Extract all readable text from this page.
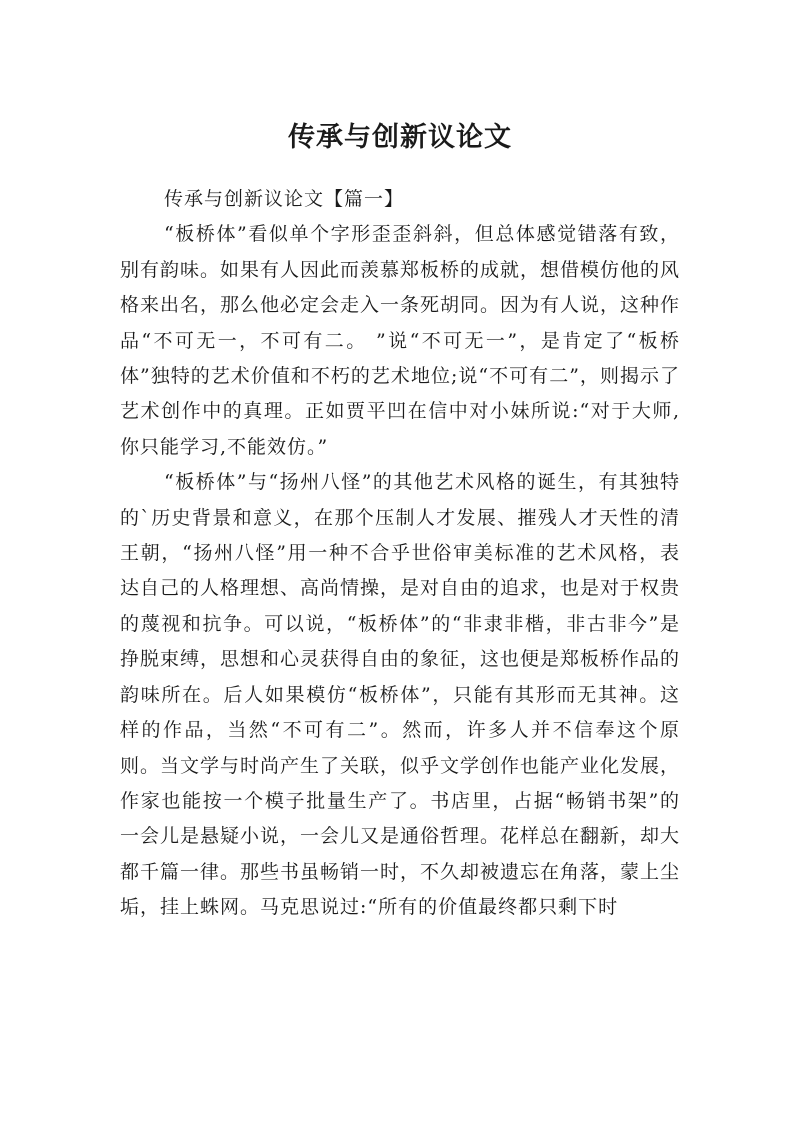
传承与创新议论文

传承与创新议论文【篇一】

“板桥体”看似单个字形歪歪斜斜，但总体感觉错落有致，别有韵味。如果有人因此而羡慕郑板桥的成就，想借模仿他的风格来出名，那么他必定会走入一条死胡同。因为有人说，这种作品“不可无一，不可有二。 ”说“不可无一”，是肯定了“板桥体”独特的艺术价值和不朽的艺术地位;说“不可有二”，则揭示了艺术创作中的真理。正如贾平凹在信中对小妹所说:“对于大师,你只能学习,不能效仿。”

“板桥体”与“扬州八怪”的其他艺术风格的诞生，有其独特的`历史背景和意义，在那个压制人才发展、摧残人才天性的清王朝，“扬州八怪”用一种不合乎世俗审美标准的艺术风格，表达自己的人格理想、高尚情操，是对自由的追求，也是对于权贵的蔑视和抗争。可以说，“板桥体”的“非隶非楷，非古非今”是挣脱束缚，思想和心灵获得自由的象征，这也便是郑板桥作品的韵味所在。后人如果模仿“板桥体”，只能有其形而无其神。这样的作品，当然“不可有二”。然而，许多人并不信奉这个原则。当文学与时尚产生了关联，似乎文学创作也能产业化发展，作家也能按一个模子批量生产了。书店里，占据“畅销书架”的一会儿是悬疑小说，一会儿又是通俗哲理。花样总在翻新，却大都千篇一律。那些书虽畅销一时，不久却被遗忘在角落，蒙上尘垢，挂上蛛网。马克思说过:“所有的价值最终都只剩下时
